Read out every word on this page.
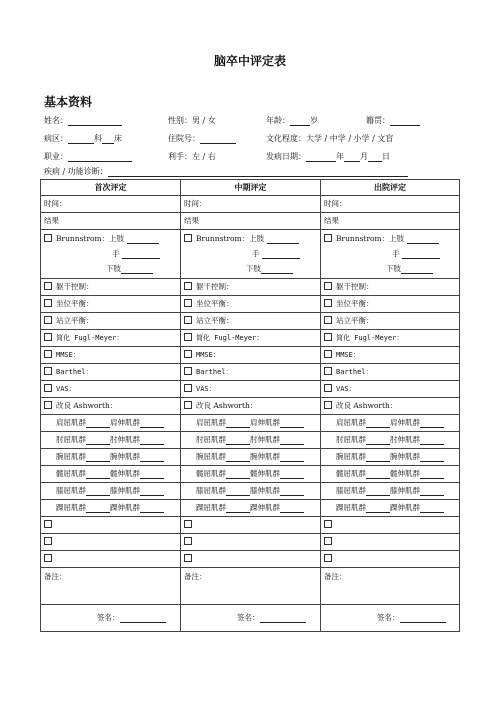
脑卒中评定表
基本资料
姓名：	性别：男 / 女	年龄：	岁	籍贯：
病区：	科 床	住院号：	文化程度：大学 / 中学 / 小学 / 文盲
职业：	利手：左 / 右	发病日期：	年 月 日
疾病 / 功能诊断：
首次评定	中期评定	出院评定
时间：	时间：	时间：
结果	结果	结果

Brunnstrom：上肢
手
下肢	Brunnstrom：上肢
手
下肢	Brunnstrom：上肢
手
下肢

躯干控制：	躯干控制：	躯干控制：
坐位平衡：	坐位平衡：	坐位平衡：
站立平衡：	站立平衡：	站立平衡：
简化 Fugl-Meyer：	简化 Fugl-Meyer：	简化 Fugl-Meyer：
MMSE：	MMSE：	MMSE：
Barthel：	Barthel：	Barthel：
VAS：	VAS：	VAS：
改良 Ashworth：	改良 Ashworth：	改良 Ashworth：
肩屈肌群 肩伸肌群	肩屈肌群 肩伸肌群	肩屈肌群 肩伸肌群
肘屈肌群 肘伸肌群	肘屈肌群 肘伸肌群	肘屈肌群 肘伸肌群
腕屈肌群 腕伸肌群	腕屈肌群 腕伸肌群	腕屈肌群 腕伸肌群
髋屈肌群 髋伸肌群	髋屈肌群 髋伸肌群	髋屈肌群 髋伸肌群
膝屈肌群 膝伸肌群	膝屈肌群 膝伸肌群	膝屈肌群 膝伸肌群
踝屈肌群 踝伸肌群	踝屈肌群 踝伸肌群	踝屈肌群 踝伸肌群

备注：	备注：	备注：

签名：	签名：	签名：
